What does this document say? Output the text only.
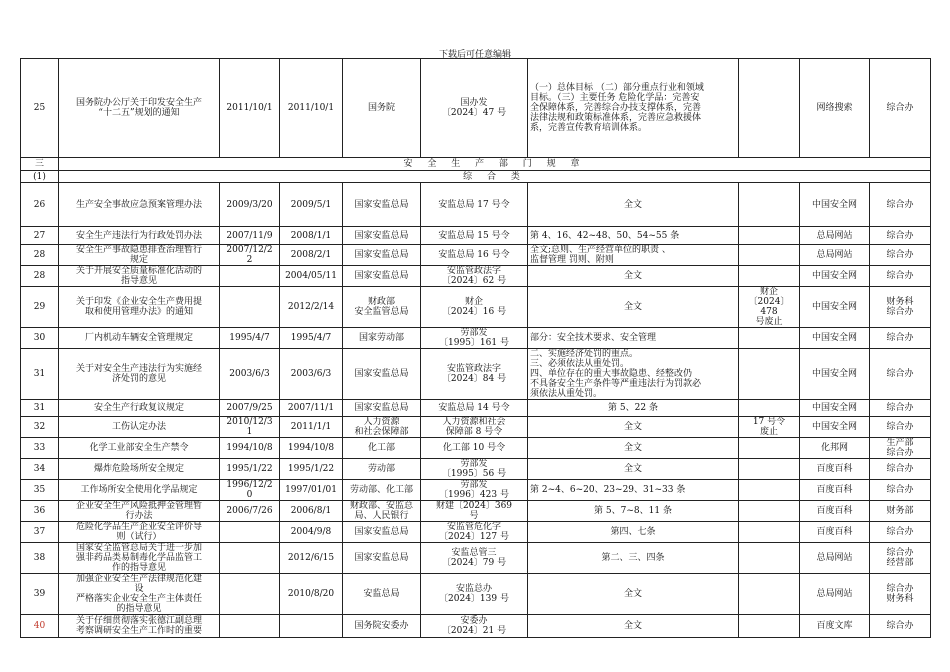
下载后可任意编辑
25	国务院办公厅关于印发安全生产
“十二五”规划的通知	2011/10/1	2011/10/1	国务院	国办发
〔2024〕47 号	（一）总体目标 （二）部分重点行业和领域
目标。（三）主要任务 危险化学品：完善安
全保障体系，完善综合办技支撑体系，完善
法律法规和政策标准体系，完善应急救援体
系，完善宣传教育培训体系。		网络搜索	综合办
三	安 全 生 产 部 门 规 章								
(1)	综 合 类								
26	生产安全事故应急预案管理办法	2009/3/20	2009/5/1	国家安监总局	安监总局 17 号令	全文		中国安全网	综合办
27	安全生产违法行为行政处罚办法	2007/11/9	2008/1/1	国家安监总局	安监总局 15 号令	第 4、16、42~48、50、54~55 条		总局网站	综合办
28	安全生产事故隐患排查治理暂行
规定	2007/12/2
2	2008/2/1	国家安监总局	安监总局 16 号令	全文;总则、生产经营单位的职责 、
监督管理 罚则、附则		总局网站	综合办
28	关于开展安全质量标准化活动的
指导意见		2004/05/11	国家安监总局	安监管政法字
〔2024〕62 号	全文		中国安全网	综合办
29	关于印发《企业安全生产费用提
取和使用管理办法》的通知		2012/2/14	财政部
安全监管总局	财企
〔2024〕16 号	全文	财企
〔2024〕478
号废止	中国安全网	财务科
综合办
30	厂内机动车辆安全管理规定	1995/4/7	1995/4/7	国家劳动部	劳部发
〔1995〕161 号	部分：安全技术要求、安全管理		中国安全网	综合办
31	关于对安全生产违法行为实施经
济处罚的意见	2003/6/3	2003/6/3	国家安监总局	安监管政法字
〔2024〕84 号	二、实施经济处罚的重点。
三、必须依法从重处罚。
四、单位存在的重大事故隐患、经整改仍
不具备安全生产条件等严重违法行为罚款必
须依法从重处罚。		中国安全网	综合办
31	安全生产行政复议规定	2007/9/25	2007/11/1	国家安监总局	安监总局 14 号令	第 5、22 条		中国安全网	综合办
32	工伤认定办法	2010/12/3
1	2011/1/1	人力资源
和社会保障部	人力资源和社会
保障部 8 号令	全文	17 号令
废止	中国安全网	综合办
33	化学工业部安全生产禁令	1994/10/8	1994/10/8	化工部	化工部 10 号令	全文		化邦网	生产部
综合办
34	爆炸危险场所安全规定	1995/1/22	1995/1/22	劳动部	劳部发
〔1995〕56 号	全文		百度百科	综合办
35	工作场所安全使用化学品规定	1996/12/2
0	1997/01/01	劳动部、化工部	劳部发
〔1996〕423 号	第 2~4、6~20、23~29、31~33 条		百度百科	综合办
36	企业安全生产风险抵押金管理暂
行办法	2006/7/26	2006/8/1	财政部、安监总
局、人民银行	财建〔2024〕369
号	第 5、7~8、11 条		百度百科	财务部
37	危险化学品生产企业安全评价导
则（试行）		2004/9/8	国家安监总局	安监管危化字
〔2024〕127 号	第四、七条		百度百科	综合办
38	国家安全监管总局关于进一步加
强非药品类易制毒化学品监管工
作的指导意见		2012/6/15	国家安监总局	安监总管三
〔2024〕79 号	第二、三、四条		总局网站	综合办
经营部
39	加强企业安全生产法律规范化建
设
严格落实企业安全生产主体责任
的指导意见		2010/8/20	安监总局	安监总办
〔2024〕139 号	全文		总局网站	综合办
财务科
40	关于仔细贯彻落实张德江副总理
考察调研安全生产工作时的重要			国务院安委办	安委办
〔2024〕21 号	全文		百度文库	综合办
